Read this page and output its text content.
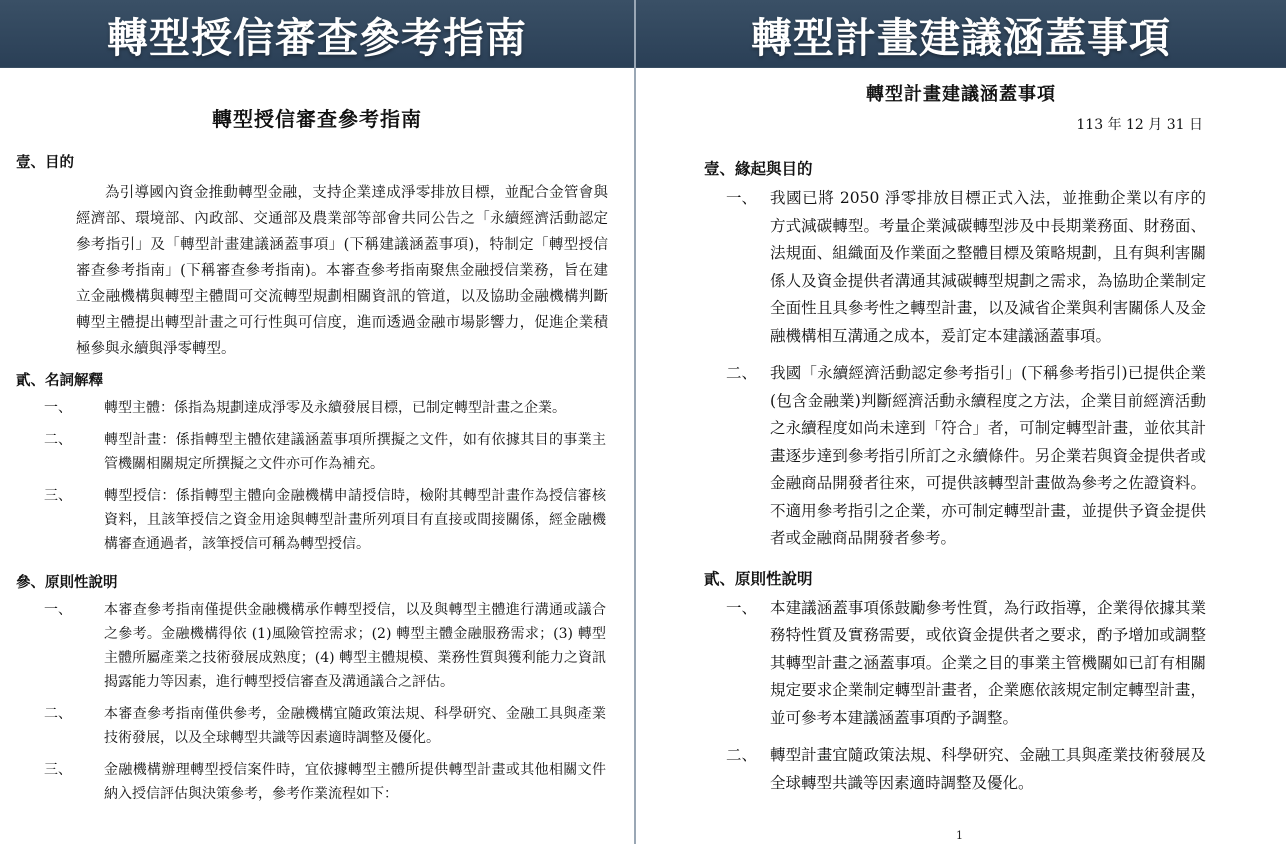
轉型授信審查參考指南
轉型授信審查參考指南
壹、目的
為引導國內資金推動轉型金融，支持企業達成淨零排放目標，並配合金管會與經濟部、環境部、內政部、交通部及農業部等部會共同公告之「永續經濟活動認定參考指引」及「轉型計畫建議涵蓋事項」(下稱建議涵蓋事項)，特制定「轉型授信審查參考指南」(下稱審查參考指南)。本審查參考指南聚焦金融授信業務，旨在建立金融機構與轉型主體間可交流轉型規劃相關資訊的管道，以及協助金融機構判斷轉型主體提出轉型計畫之可行性與可信度，進而透過金融市場影響力，促進企業積極參與永續與淨零轉型。
貳、名詞解釋
一、	轉型主體：係指為規劃達成淨零及永續發展目標，已制定轉型計畫之企業。
二、	轉型計畫：係指轉型主體依建議涵蓋事項所撰擬之文件，如有依據其目的事業主管機關相關規定所撰擬之文件亦可作為補充。
三、	轉型授信：係指轉型主體向金融機構申請授信時，檢附其轉型計畫作為授信審核資料，且該筆授信之資金用途與轉型計畫所列項目有直接或間接關係，經金融機構審查通過者，該筆授信可稱為轉型授信。
參、原則性說明
一、	本審查參考指南僅提供金融機構承作轉型授信，以及與轉型主體進行溝通或議合之參考。金融機構得依 (1)風險管控需求；(2) 轉型主體金融服務需求；(3) 轉型主體所屬產業之技術發展成熟度；(4) 轉型主體規模、業務性質與獲利能力之資訊揭露能力等因素，進行轉型授信審查及溝通議合之評估。
二、	本審查參考指南僅供參考，金融機構宜隨政策法規、科學研究、金融工具與產業技術發展，以及全球轉型共識等因素適時調整及優化。
三、	金融機構辦理轉型授信案件時，宜依據轉型主體所提供轉型計畫或其他相關文件納入授信評估與決策參考，參考作業流程如下：
轉型計畫建議涵蓋事項
轉型計畫建議涵蓋事項
113 年 12 月 31 日
壹、緣起與目的
一、 我國已將 2050 淨零排放目標正式入法，並推動企業以有序的方式減碳轉型。考量企業減碳轉型涉及中長期業務面、財務面、法規面、組織面及作業面之整體目標及策略規劃，且有與利害關係人及資金提供者溝通其減碳轉型規劃之需求，為協助企業制定全面性且具參考性之轉型計畫，以及減省企業與利害關係人及金融機構相互溝通之成本，爰訂定本建議涵蓋事項。
二、 我國「永續經濟活動認定參考指引」(下稱參考指引)已提供企業(包含金融業)判斷經濟活動永續程度之方法，企業目前經濟活動之永續程度如尚未達到「符合」者，可制定轉型計畫，並依其計畫逐步達到參考指引所訂之永續條件。另企業若與資金提供者或金融商品開發者往來，可提供該轉型計畫做為參考之佐證資料。不適用參考指引之企業，亦可制定轉型計畫，並提供予資金提供者或金融商品開發者參考。
貳、原則性說明
一、 本建議涵蓋事項係鼓勵參考性質，為行政指導，企業得依據其業務特性質及實務需要，或依資金提供者之要求，酌予增加或調整其轉型計畫之涵蓋事項。企業之目的事業主管機關如已訂有相關規定要求企業制定轉型計畫者，企業應依該規定制定轉型計畫，並可參考本建議涵蓋事項酌予調整。
二、 轉型計畫宜隨政策法規、科學研究、金融工具與產業技術發展及全球轉型共識等因素適時調整及優化。
1
